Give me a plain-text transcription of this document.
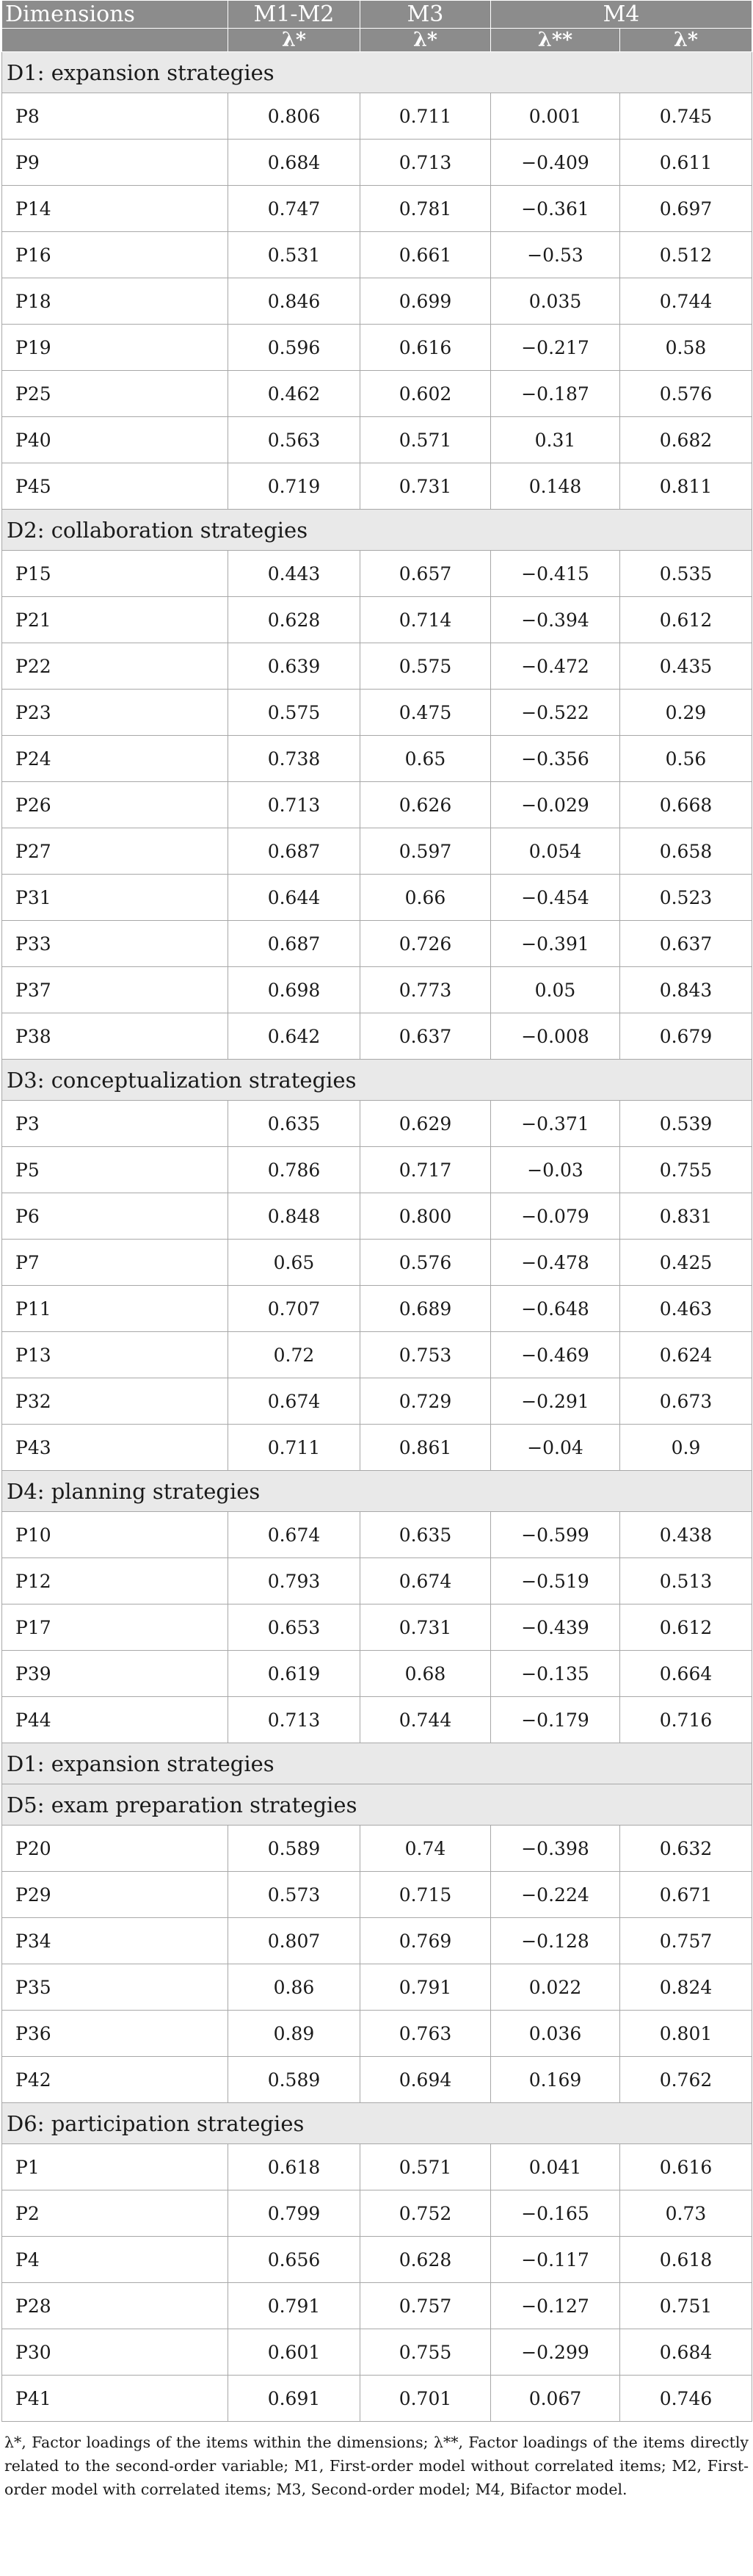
Dimensions	M1-M2	M3	M4	
	λ*	λ*	λ**	λ*
D1: expansion strategies				
P8	0.806	0.711	0.001	0.745
P9	0.684	0.713	−0.409	0.611
P14	0.747	0.781	−0.361	0.697
P16	0.531	0.661	−0.53	0.512
P18	0.846	0.699	0.035	0.744
P19	0.596	0.616	−0.217	0.58
P25	0.462	0.602	−0.187	0.576
P40	0.563	0.571	0.31	0.682
P45	0.719	0.731	0.148	0.811
D2: collaboration strategies				
P15	0.443	0.657	−0.415	0.535
P21	0.628	0.714	−0.394	0.612
P22	0.639	0.575	−0.472	0.435
P23	0.575	0.475	−0.522	0.29
P24	0.738	0.65	−0.356	0.56
P26	0.713	0.626	−0.029	0.668
P27	0.687	0.597	0.054	0.658
P31	0.644	0.66	−0.454	0.523
P33	0.687	0.726	−0.391	0.637
P37	0.698	0.773	0.05	0.843
P38	0.642	0.637	−0.008	0.679
D3: conceptualization strategies				
P3	0.635	0.629	−0.371	0.539
P5	0.786	0.717	−0.03	0.755
P6	0.848	0.800	−0.079	0.831
P7	0.65	0.576	−0.478	0.425
P11	0.707	0.689	−0.648	0.463
P13	0.72	0.753	−0.469	0.624
P32	0.674	0.729	−0.291	0.673
P43	0.711	0.861	−0.04	0.9
D4: planning strategies				
P10	0.674	0.635	−0.599	0.438
P12	0.793	0.674	−0.519	0.513
P17	0.653	0.731	−0.439	0.612
P39	0.619	0.68	−0.135	0.664
P44	0.713	0.744	−0.179	0.716
D1: expansion strategies				
D5: exam preparation strategies				
P20	0.589	0.74	−0.398	0.632
P29	0.573	0.715	−0.224	0.671
P34	0.807	0.769	−0.128	0.757
P35	0.86	0.791	0.022	0.824
P36	0.89	0.763	0.036	0.801
P42	0.589	0.694	0.169	0.762
D6: participation strategies				
P1	0.618	0.571	0.041	0.616
P2	0.799	0.752	−0.165	0.73
P4	0.656	0.628	−0.117	0.618
P28	0.791	0.757	−0.127	0.751
P30	0.601	0.755	−0.299	0.684
P41	0.691	0.701	0.067	0.746

λ*, Factor loadings of the items within the dimensions; λ**, Factor loadings of the items directly related to the second-order variable; M1, First-order model without correlated items; M2, First-order model with correlated items; M3, Second-order model; M4, Bifactor model.
